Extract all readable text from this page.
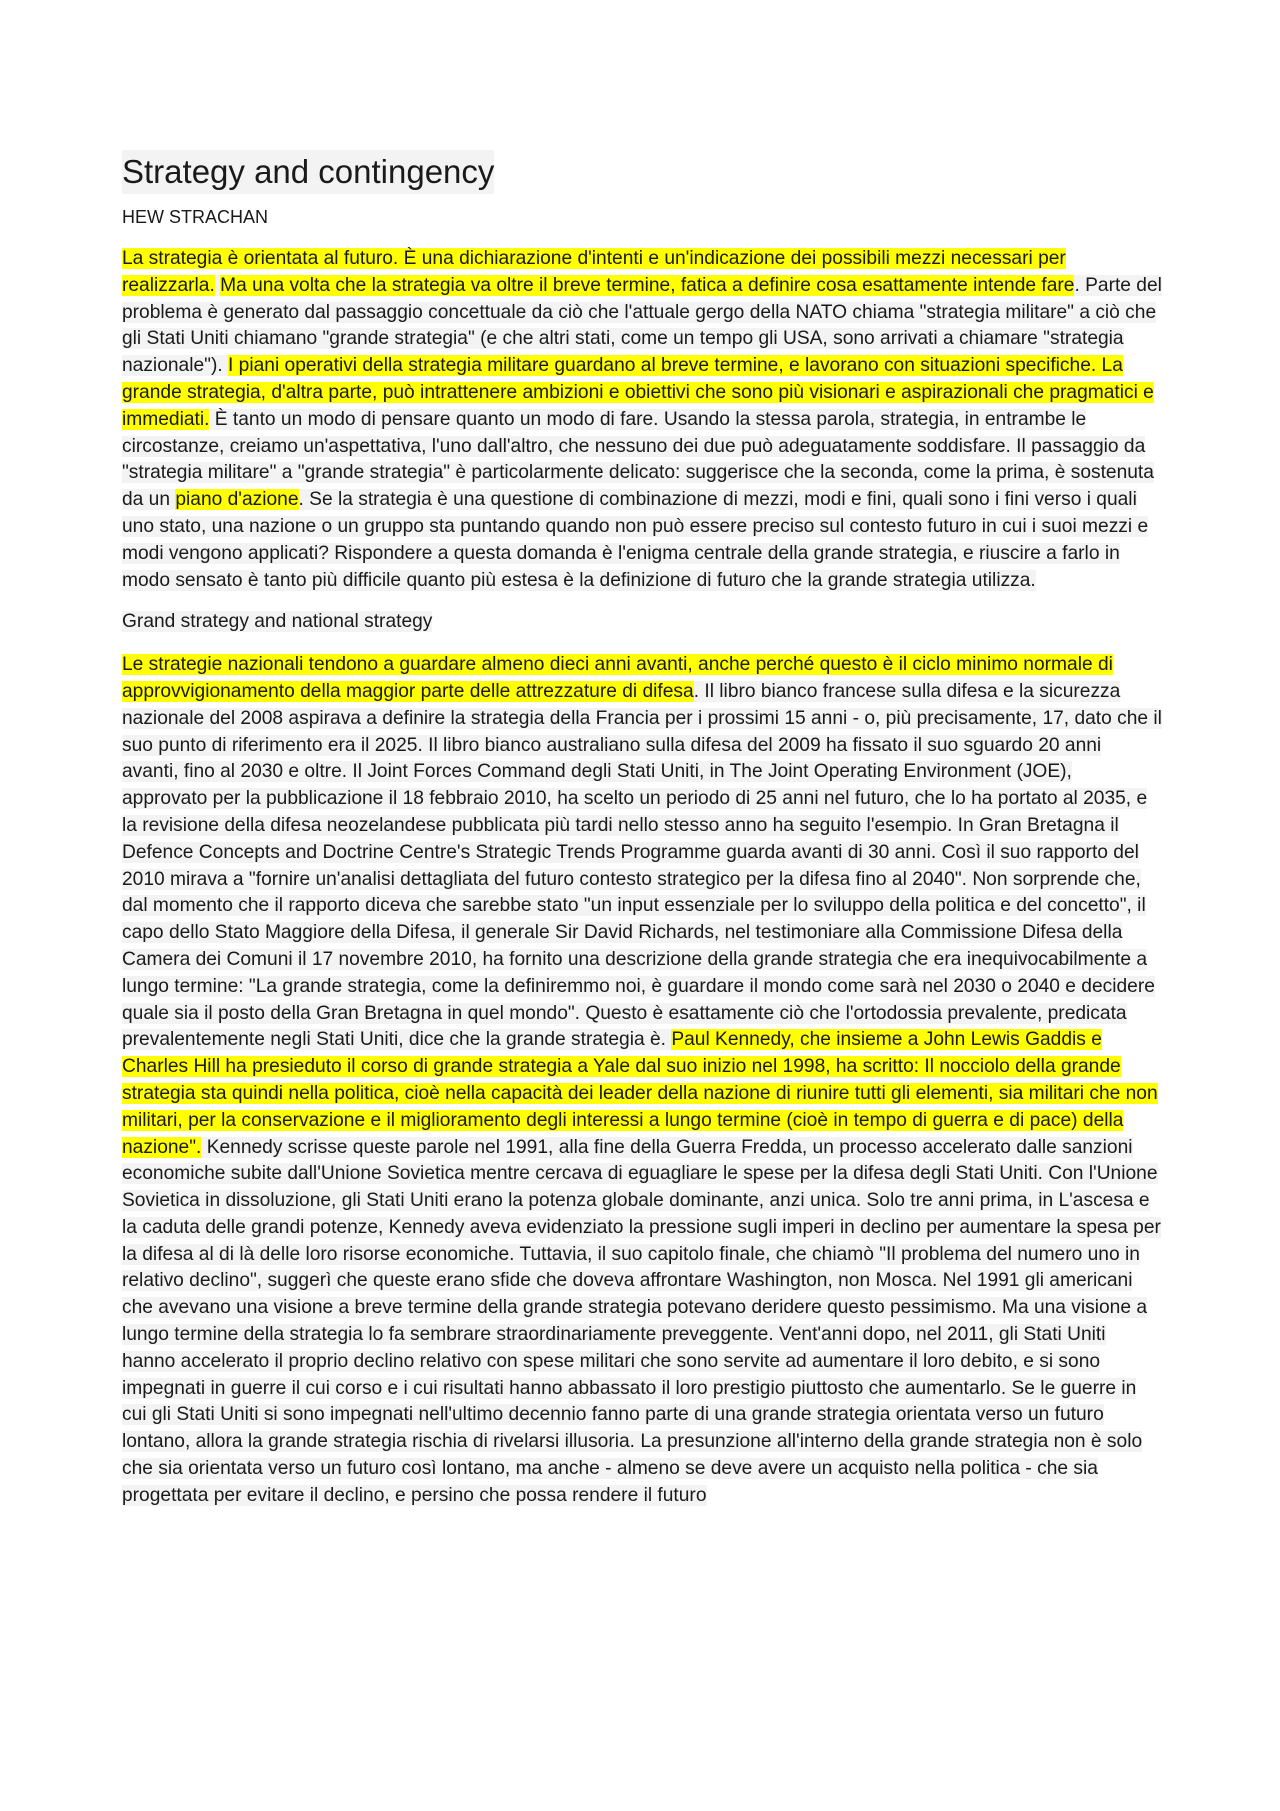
Strategy and contingency
HEW STRACHAN

La strategia è orientata al futuro. È una dichiarazione d'intenti e un'indicazione dei possibili mezzi necessari per realizzarla. Ma una volta che la strategia va oltre il breve termine, fatica a definire cosa esattamente intende fare. Parte del problema è generato dal passaggio concettuale da ciò che l'attuale gergo della NATO chiama "strategia militare" a ciò che gli Stati Uniti chiamano "grande strategia" (e che altri stati, come un tempo gli USA, sono arrivati a chiamare "strategia nazionale"). I piani operativi della strategia militare guardano al breve termine, e lavorano con situazioni specifiche. La grande strategia, d'altra parte, può intrattenere ambizioni e obiettivi che sono più visionari e aspirazionali che pragmatici e immediati. È tanto un modo di pensare quanto un modo di fare. Usando la stessa parola, strategia, in entrambe le circostanze, creiamo un'aspettativa, l'uno dall'altro, che nessuno dei due può adeguatamente soddisfare. Il passaggio da "strategia militare" a "grande strategia" è particolarmente delicato: suggerisce che la seconda, come la prima, è sostenuta da un piano d'azione. Se la strategia è una questione di combinazione di mezzi, modi e fini, quali sono i fini verso i quali uno stato, una nazione o un gruppo sta puntando quando non può essere preciso sul contesto futuro in cui i suoi mezzi e modi vengono applicati? Rispondere a questa domanda è l'enigma centrale della grande strategia, e riuscire a farlo in modo sensato è tanto più difficile quanto più estesa è la definizione di futuro che la grande strategia utilizza.

Grand strategy and national strategy

Le strategie nazionali tendono a guardare almeno dieci anni avanti, anche perché questo è il ciclo minimo normale di approvvigionamento della maggior parte delle attrezzature di difesa. Il libro bianco francese sulla difesa e la sicurezza nazionale del 2008 aspirava a definire la strategia della Francia per i prossimi 15 anni - o, più precisamente, 17, dato che il suo punto di riferimento era il 2025. Il libro bianco australiano sulla difesa del 2009 ha fissato il suo sguardo 20 anni avanti, fino al 2030 e oltre. Il Joint Forces Command degli Stati Uniti, in The Joint Operating Environment (JOE), approvato per la pubblicazione il 18 febbraio 2010, ha scelto un periodo di 25 anni nel futuro, che lo ha portato al 2035, e la revisione della difesa neozelandese pubblicata più tardi nello stesso anno ha seguito l'esempio. In Gran Bretagna il Defence Concepts and Doctrine Centre's Strategic Trends Programme guarda avanti di 30 anni. Così il suo rapporto del 2010 mirava a "fornire un'analisi dettagliata del futuro contesto strategico per la difesa fino al 2040". Non sorprende che, dal momento che il rapporto diceva che sarebbe stato "un input essenziale per lo sviluppo della politica e del concetto", il capo dello Stato Maggiore della Difesa, il generale Sir David Richards, nel testimoniare alla Commissione Difesa della Camera dei Comuni il 17 novembre 2010, ha fornito una descrizione della grande strategia che era inequivocabilmente a lungo termine: "La grande strategia, come la definiremmo noi, è guardare il mondo come sarà nel 2030 o 2040 e decidere quale sia il posto della Gran Bretagna in quel mondo". Questo è esattamente ciò che l'ortodossia prevalente, predicata prevalentemente negli Stati Uniti, dice che la grande strategia è. Paul Kennedy, che insieme a John Lewis Gaddis e Charles Hill ha presieduto il corso di grande strategia a Yale dal suo inizio nel 1998, ha scritto: Il nocciolo della grande strategia sta quindi nella politica, cioè nella capacità dei leader della nazione di riunire tutti gli elementi, sia militari che non militari, per la conservazione e il miglioramento degli interessi a lungo termine (cioè in tempo di guerra e di pace) della nazione". Kennedy scrisse queste parole nel 1991, alla fine della Guerra Fredda, un processo accelerato dalle sanzioni economiche subite dall'Unione Sovietica mentre cercava di eguagliare le spese per la difesa degli Stati Uniti. Con l'Unione Sovietica in dissoluzione, gli Stati Uniti erano la potenza globale dominante, anzi unica. Solo tre anni prima, in L'ascesa e la caduta delle grandi potenze, Kennedy aveva evidenziato la pressione sugli imperi in declino per aumentare la spesa per la difesa al di là delle loro risorse economiche. Tuttavia, il suo capitolo finale, che chiamò "Il problema del numero uno in relativo declino", suggerì che queste erano sfide che doveva affrontare Washington, non Mosca. Nel 1991 gli americani che avevano una visione a breve termine della grande strategia potevano deridere questo pessimismo. Ma una visione a lungo termine della strategia lo fa sembrare straordinariamente preveggente. Vent'anni dopo, nel 2011, gli Stati Uniti hanno accelerato il proprio declino relativo con spese militari che sono servite ad aumentare il loro debito, e si sono impegnati in guerre il cui corso e i cui risultati hanno abbassato il loro prestigio piuttosto che aumentarlo. Se le guerre in cui gli Stati Uniti si sono impegnati nell'ultimo decennio fanno parte di una grande strategia orientata verso un futuro lontano, allora la grande strategia rischia di rivelarsi illusoria. La presunzione all'interno della grande strategia non è solo che sia orientata verso un futuro così lontano, ma anche - almeno se deve avere un acquisto nella politica - che sia progettata per evitare il declino, e persino che possa rendere il futuro
